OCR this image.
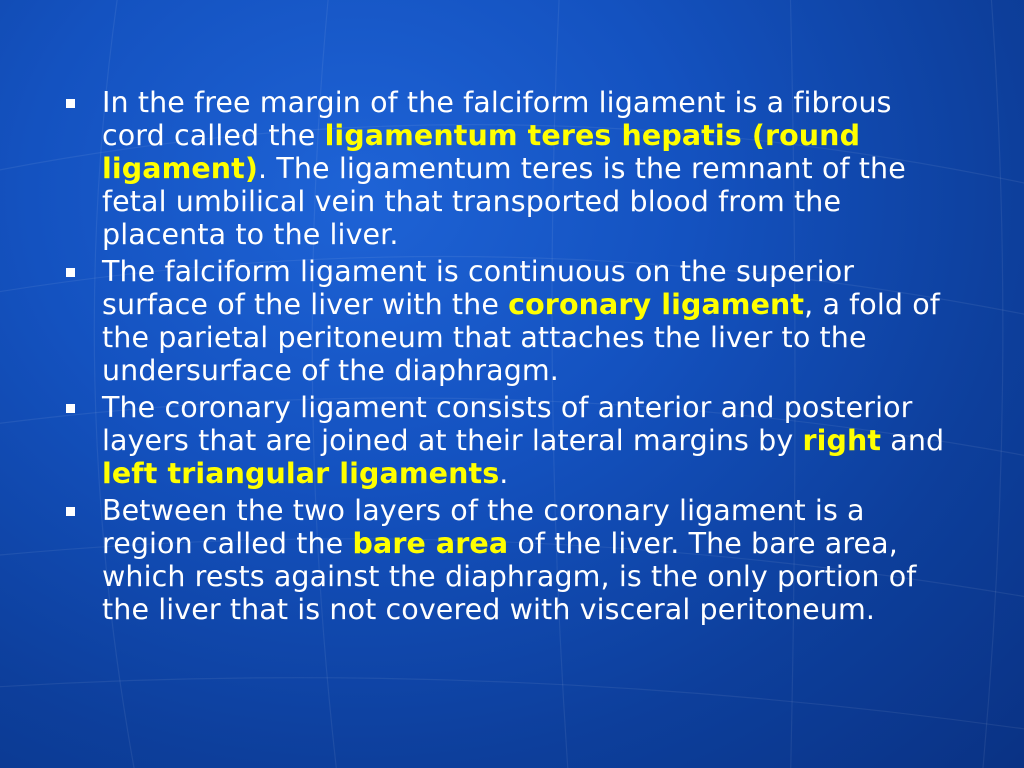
In the free margin of the falciform ligament is a fibrous cord called the ligamentum teres hepatis (round ligament). The ligamentum teres is the remnant of the fetal umbilical vein that transported blood from the placenta to the liver.
The falciform ligament is continuous on the superior surface of the liver with the coronary ligament, a fold of the parietal peritoneum that attaches the liver to the undersurface of the diaphragm.
The coronary ligament consists of anterior and posterior layers that are joined at their lateral margins by right and left triangular ligaments.
Between the two layers of the coronary ligament is a region called the bare area of the liver. The bare area, which rests against the diaphragm, is the only portion of the liver that is not covered with visceral peritoneum.
